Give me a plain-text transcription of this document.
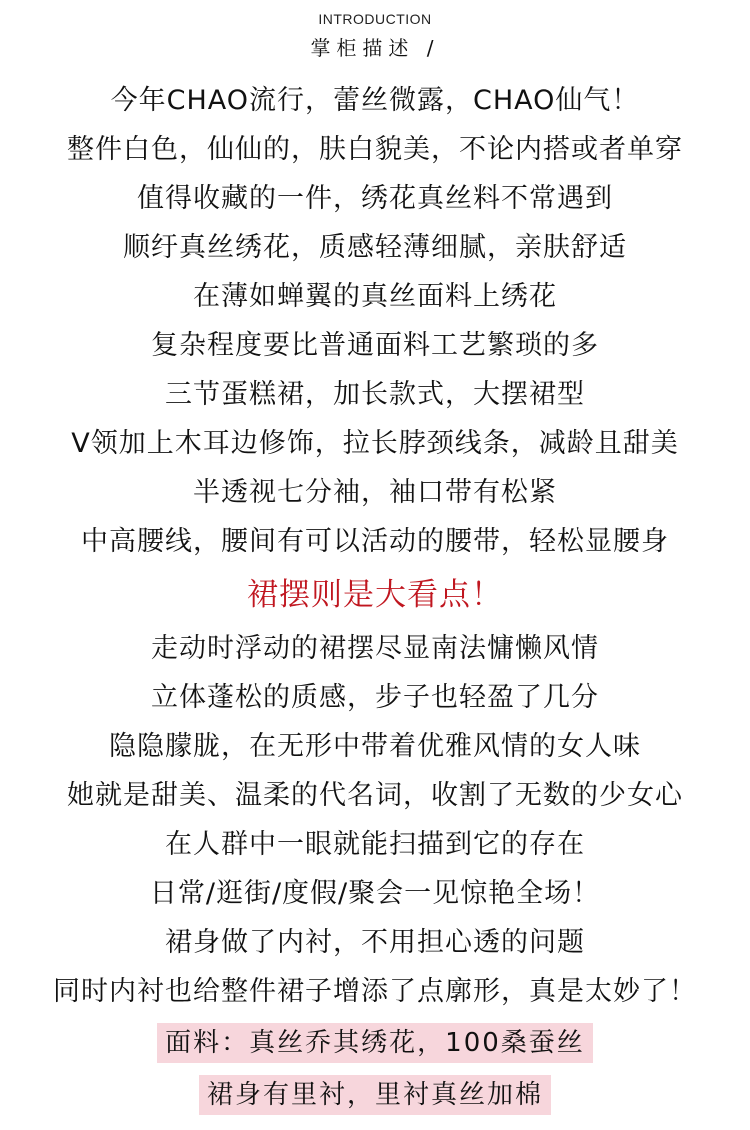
INTRODUCTION
掌柜描述 /
今年CHAO流行，蕾丝微露，CHAO仙气！
整件白色，仙仙的，肤白貌美，不论内搭或者单穿
值得收藏的一件，绣花真丝料不常遇到
顺纡真丝绣花，质感轻薄细腻，亲肤舒适
在薄如蝉翼的真丝面料上绣花
复杂程度要比普通面料工艺繁琐的多
三节蛋糕裙，加长款式，大摆裙型
V领加上木耳边修饰，拉长脖颈线条，减龄且甜美
半透视七分袖，袖口带有松紧
中高腰线，腰间有可以活动的腰带，轻松显腰身
裙摆则是大看点！
走动时浮动的裙摆尽显南法慵懒风情
立体蓬松的质感，步子也轻盈了几分
隐隐朦胧，在无形中带着优雅风情的女人味
她就是甜美、温柔的代名词，收割了无数的少女心
在人群中一眼就能扫描到它的存在
日常/逛街/度假/聚会一见惊艳全场！
裙身做了内衬，不用担心透的问题
同时内衬也给整件裙子增添了点廓形，真是太妙了！
面料：真丝乔其绣花，100桑蚕丝
裙身有里衬，里衬真丝加棉
